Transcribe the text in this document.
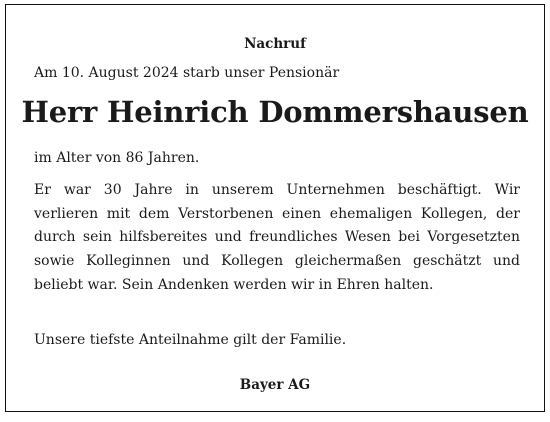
Nachruf
Am 10. August 2024 starb unser Pensionär
Herr Heinrich Dommershausen
im Alter von 86 Jahren.
Er war 30 Jahre in unserem Unternehmen beschäftigt. Wir verlieren mit dem Verstorbenen einen ehemaligen Kollegen, der durch sein hilfsbereites und freundliches Wesen bei Vorgesetzten sowie Kolleginnen und Kollegen gleichermaßen geschätzt und beliebt war. Sein Andenken werden wir in Ehren halten.
Unsere tiefste Anteilnahme gilt der Familie.
Bayer AG
